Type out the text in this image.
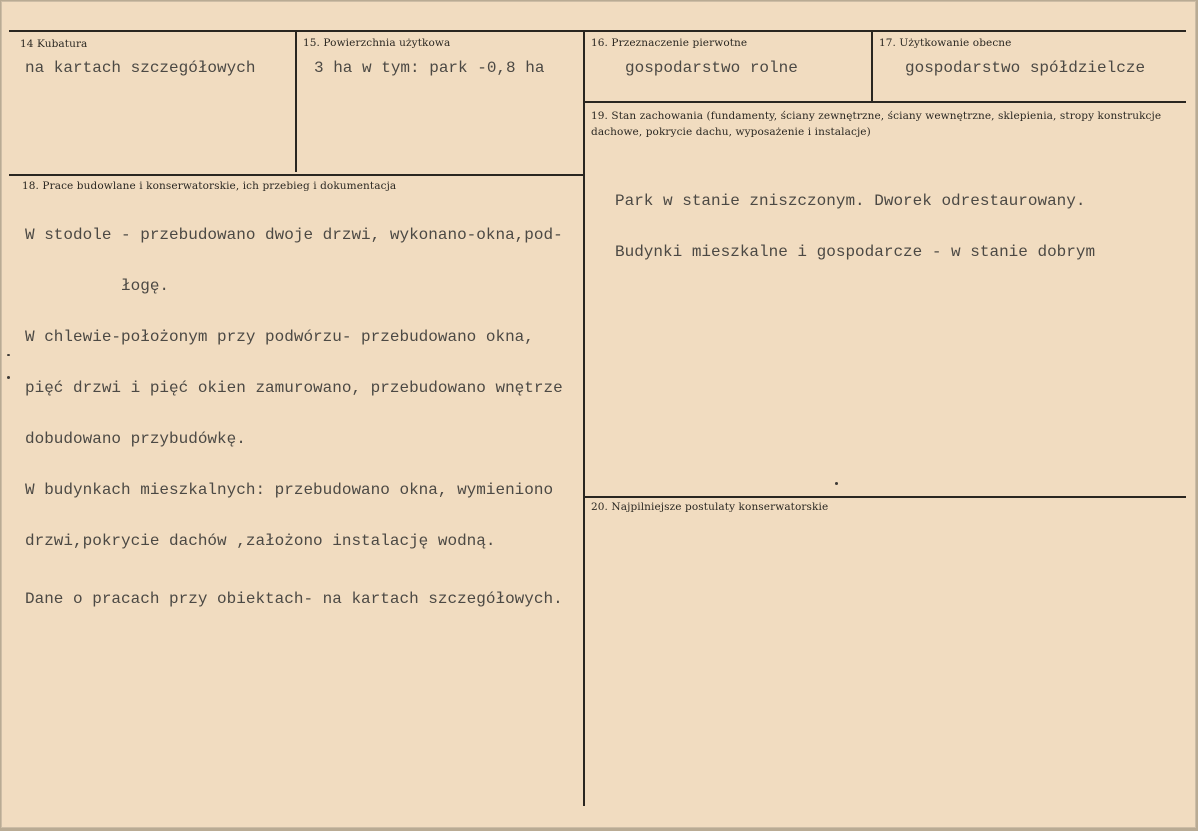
14 Kubatura
na kartach szczegółowych
15. Powierzchnia użytkowa
3 ha w tym: park -0,8 ha
16. Przeznaczenie pierwotne
gospodarstwo rolne
17. Użytkowanie obecne
gospodarstwo spółdzielcze
18. Prace budowlane i konserwatorskie, ich przebieg i dokumentacja

W stodole - przebudowano dwoje drzwi, wykonano-okna,pod-

łogę.

W chlewie-położonym przy podwórzu- przebudowano okna,

pięć drzwi i pięć okien zamurowano, przebudowano wnętrze

dobudowano przybudówkę.

W budynkach mieszkalnych: przebudowano okna, wymieniono

drzwi,pokrycie dachów ,założono instalację wodną.

Dane o pracach przy obiektach- na kartach szczegółowych.

19. Stan zachowania (fundamenty, ściany zewnętrzne, ściany wewnętrzne, sklepienia, stropy konstrukcje dachowe, pokrycie dachu, wyposażenie i instalacje)

Park w stanie zniszczonym. Dworek odrestaurowany.

Budynki mieszkalne i gospodarcze - w stanie dobrym

20. Najpilniejsze postulaty konserwatorskie
